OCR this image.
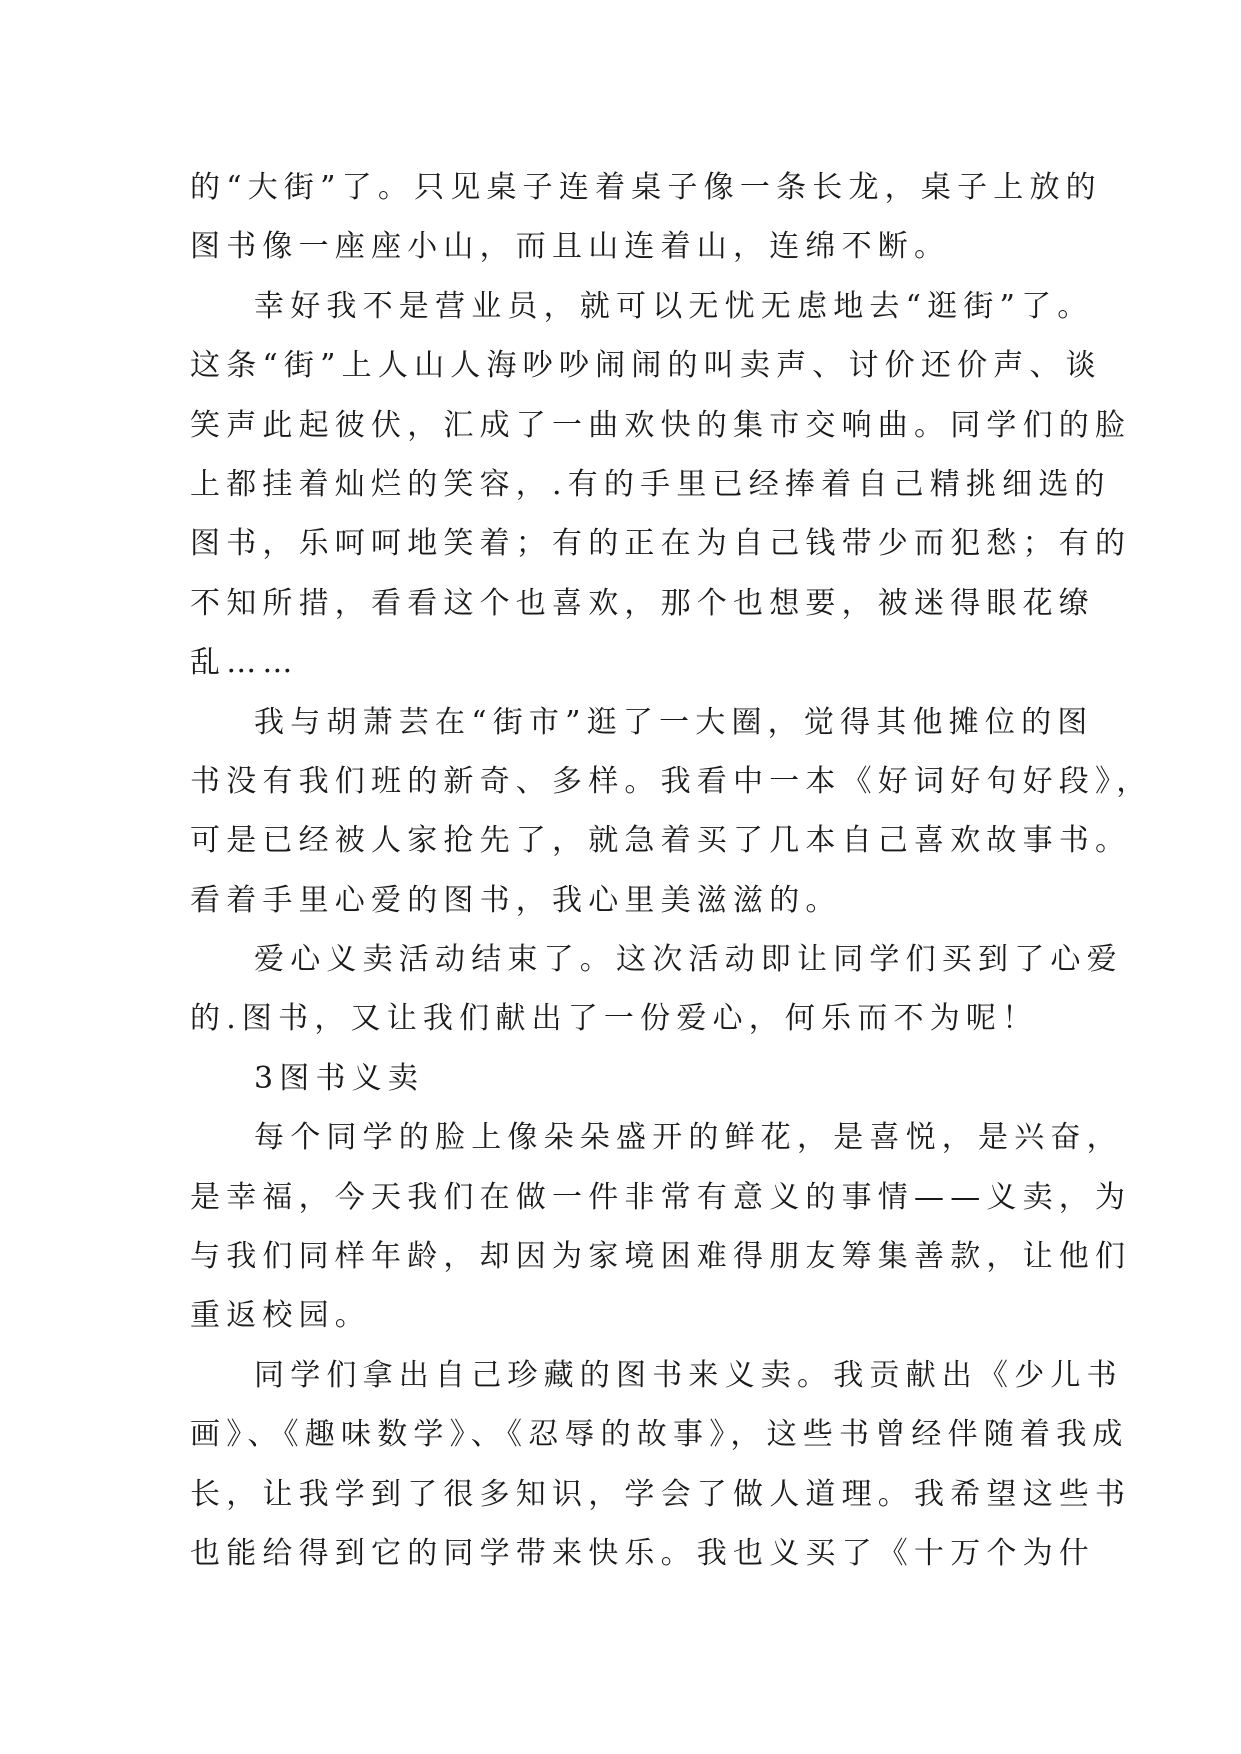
的“大街”了。只见桌子连着桌子像一条长龙，桌子上放的
图书像一座座小山，而且山连着山，连绵不断。
幸好我不是营业员，就可以无忧无虑地去“逛街”了。
这条“街”上人山人海吵吵闹闹的叫卖声、讨价还价声、谈
笑声此起彼伏，汇成了一曲欢快的集市交响曲。同学们的脸
上都挂着灿烂的笑容，.有的手里已经捧着自己精挑细选的
图书，乐呵呵地笑着；有的正在为自己钱带少而犯愁；有的
不知所措，看看这个也喜欢，那个也想要，被迷得眼花缭
乱……
我与胡萧芸在“街市”逛了一大圈，觉得其他摊位的图
书没有我们班的新奇、多样。我看中一本《好词好句好段》，
可是已经被人家抢先了，就急着买了几本自己喜欢故事书。
看着手里心爱的图书，我心里美滋滋的。
爱心义卖活动结束了。这次活动即让同学们买到了心爱
的.图书，又让我们献出了一份爱心，何乐而不为呢！
3图书义卖
每个同学的脸上像朵朵盛开的鲜花，是喜悦，是兴奋，
是幸福，今天我们在做一件非常有意义的事情——义卖，为
与我们同样年龄，却因为家境困难得朋友筹集善款，让他们
重返校园。
同学们拿出自己珍藏的图书来义卖。我贡献出《少儿书
画》、《趣味数学》、《忍辱的故事》，这些书曾经伴随着我成
长，让我学到了很多知识，学会了做人道理。我希望这些书
也能给得到它的同学带来快乐。我也义买了《十万个为什
